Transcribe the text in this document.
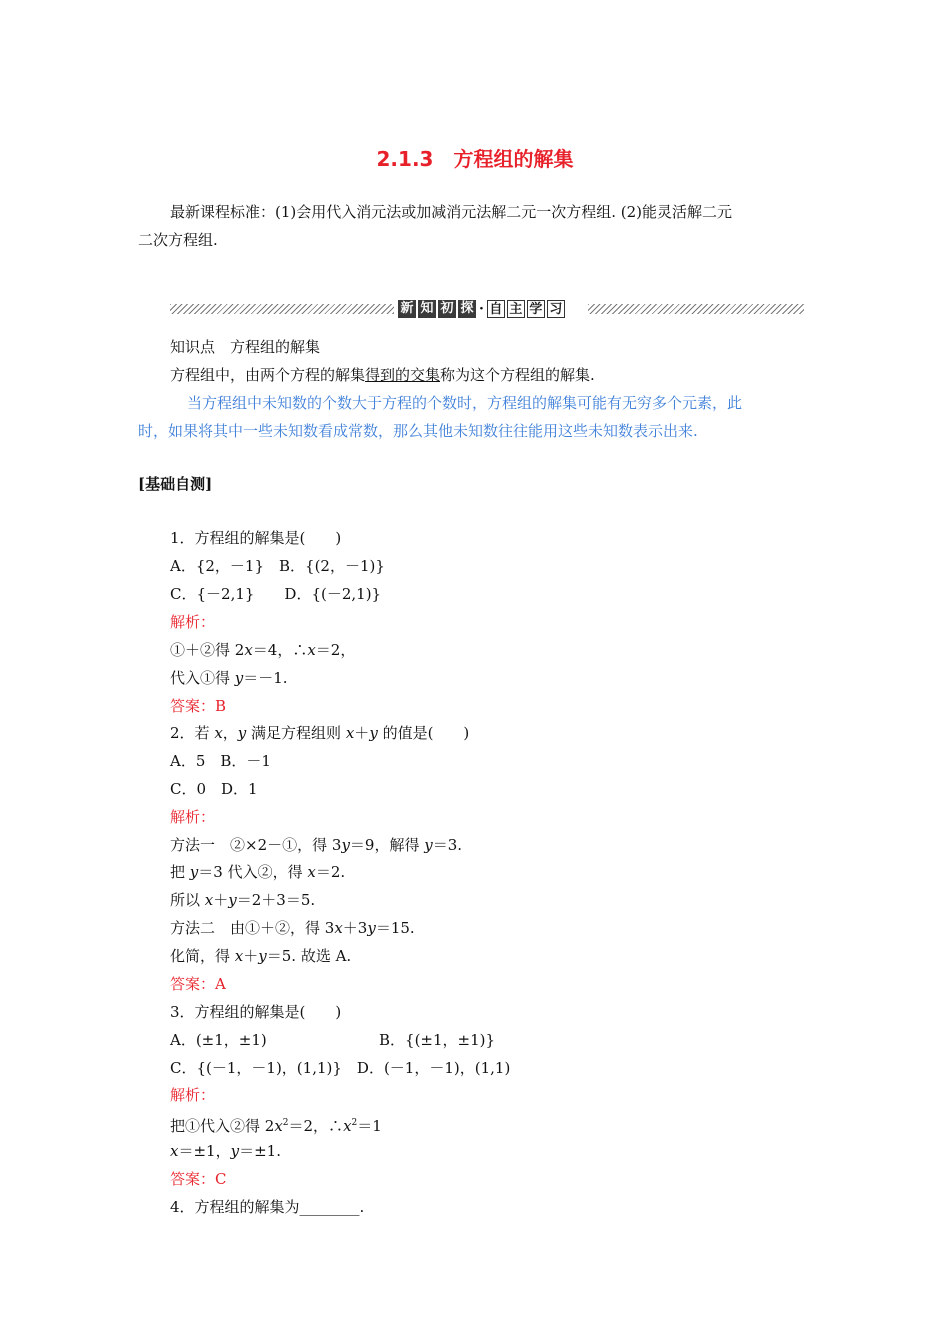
2.1.3　方程组的解集
最新课程标准：(1)会用代入消元法或加减消元法解二元一次方程组. (2)能灵活解二元
二次方程组.
新 知 初 探 · 自 主 学 习
知识点　方程组的解集
方程组中，由两个方程的解集得到的交集称为这个方程组的解集.
当方程组中未知数的个数大于方程的个数时，方程组的解集可能有无穷多个元素，此
时，如果将其中一些未知数看成常数，那么其他未知数往往能用这些未知数表示出来.
[基础自测]
1．方程组的解集是(　　)
A．{2，－1}　B．{(2，－1)}
C．{－2,1}　　D．{(－2,1)}
解析：
①＋②得 2x＝4，∴x＝2，
代入①得 y＝－1.
答案：B
2．若 x，y 满足方程组则 x＋y 的值是(　　)
A．5　B．－1
C．0　D．1
解析：
方法一　②×2－①，得 3y＝9，解得 y＝3.
把 y＝3 代入②，得 x＝2.
所以 x＋y＝2＋3＝5.
方法二　由①＋②，得 3x＋3y＝15.
化简，得 x＋y＝5. 故选 A.
答案：A
3．方程组的解集是(　　)
A．(±1，±1)	B．{(±1，±1)}
C．{(－1，－1)，(1,1)}　D．(－1，－1)，(1,1)
解析：
把①代入②得 $2x^2=2$，$\therefore x^2=1$
x＝±1，y＝±1.
答案：C
4．方程组的解集为________.
